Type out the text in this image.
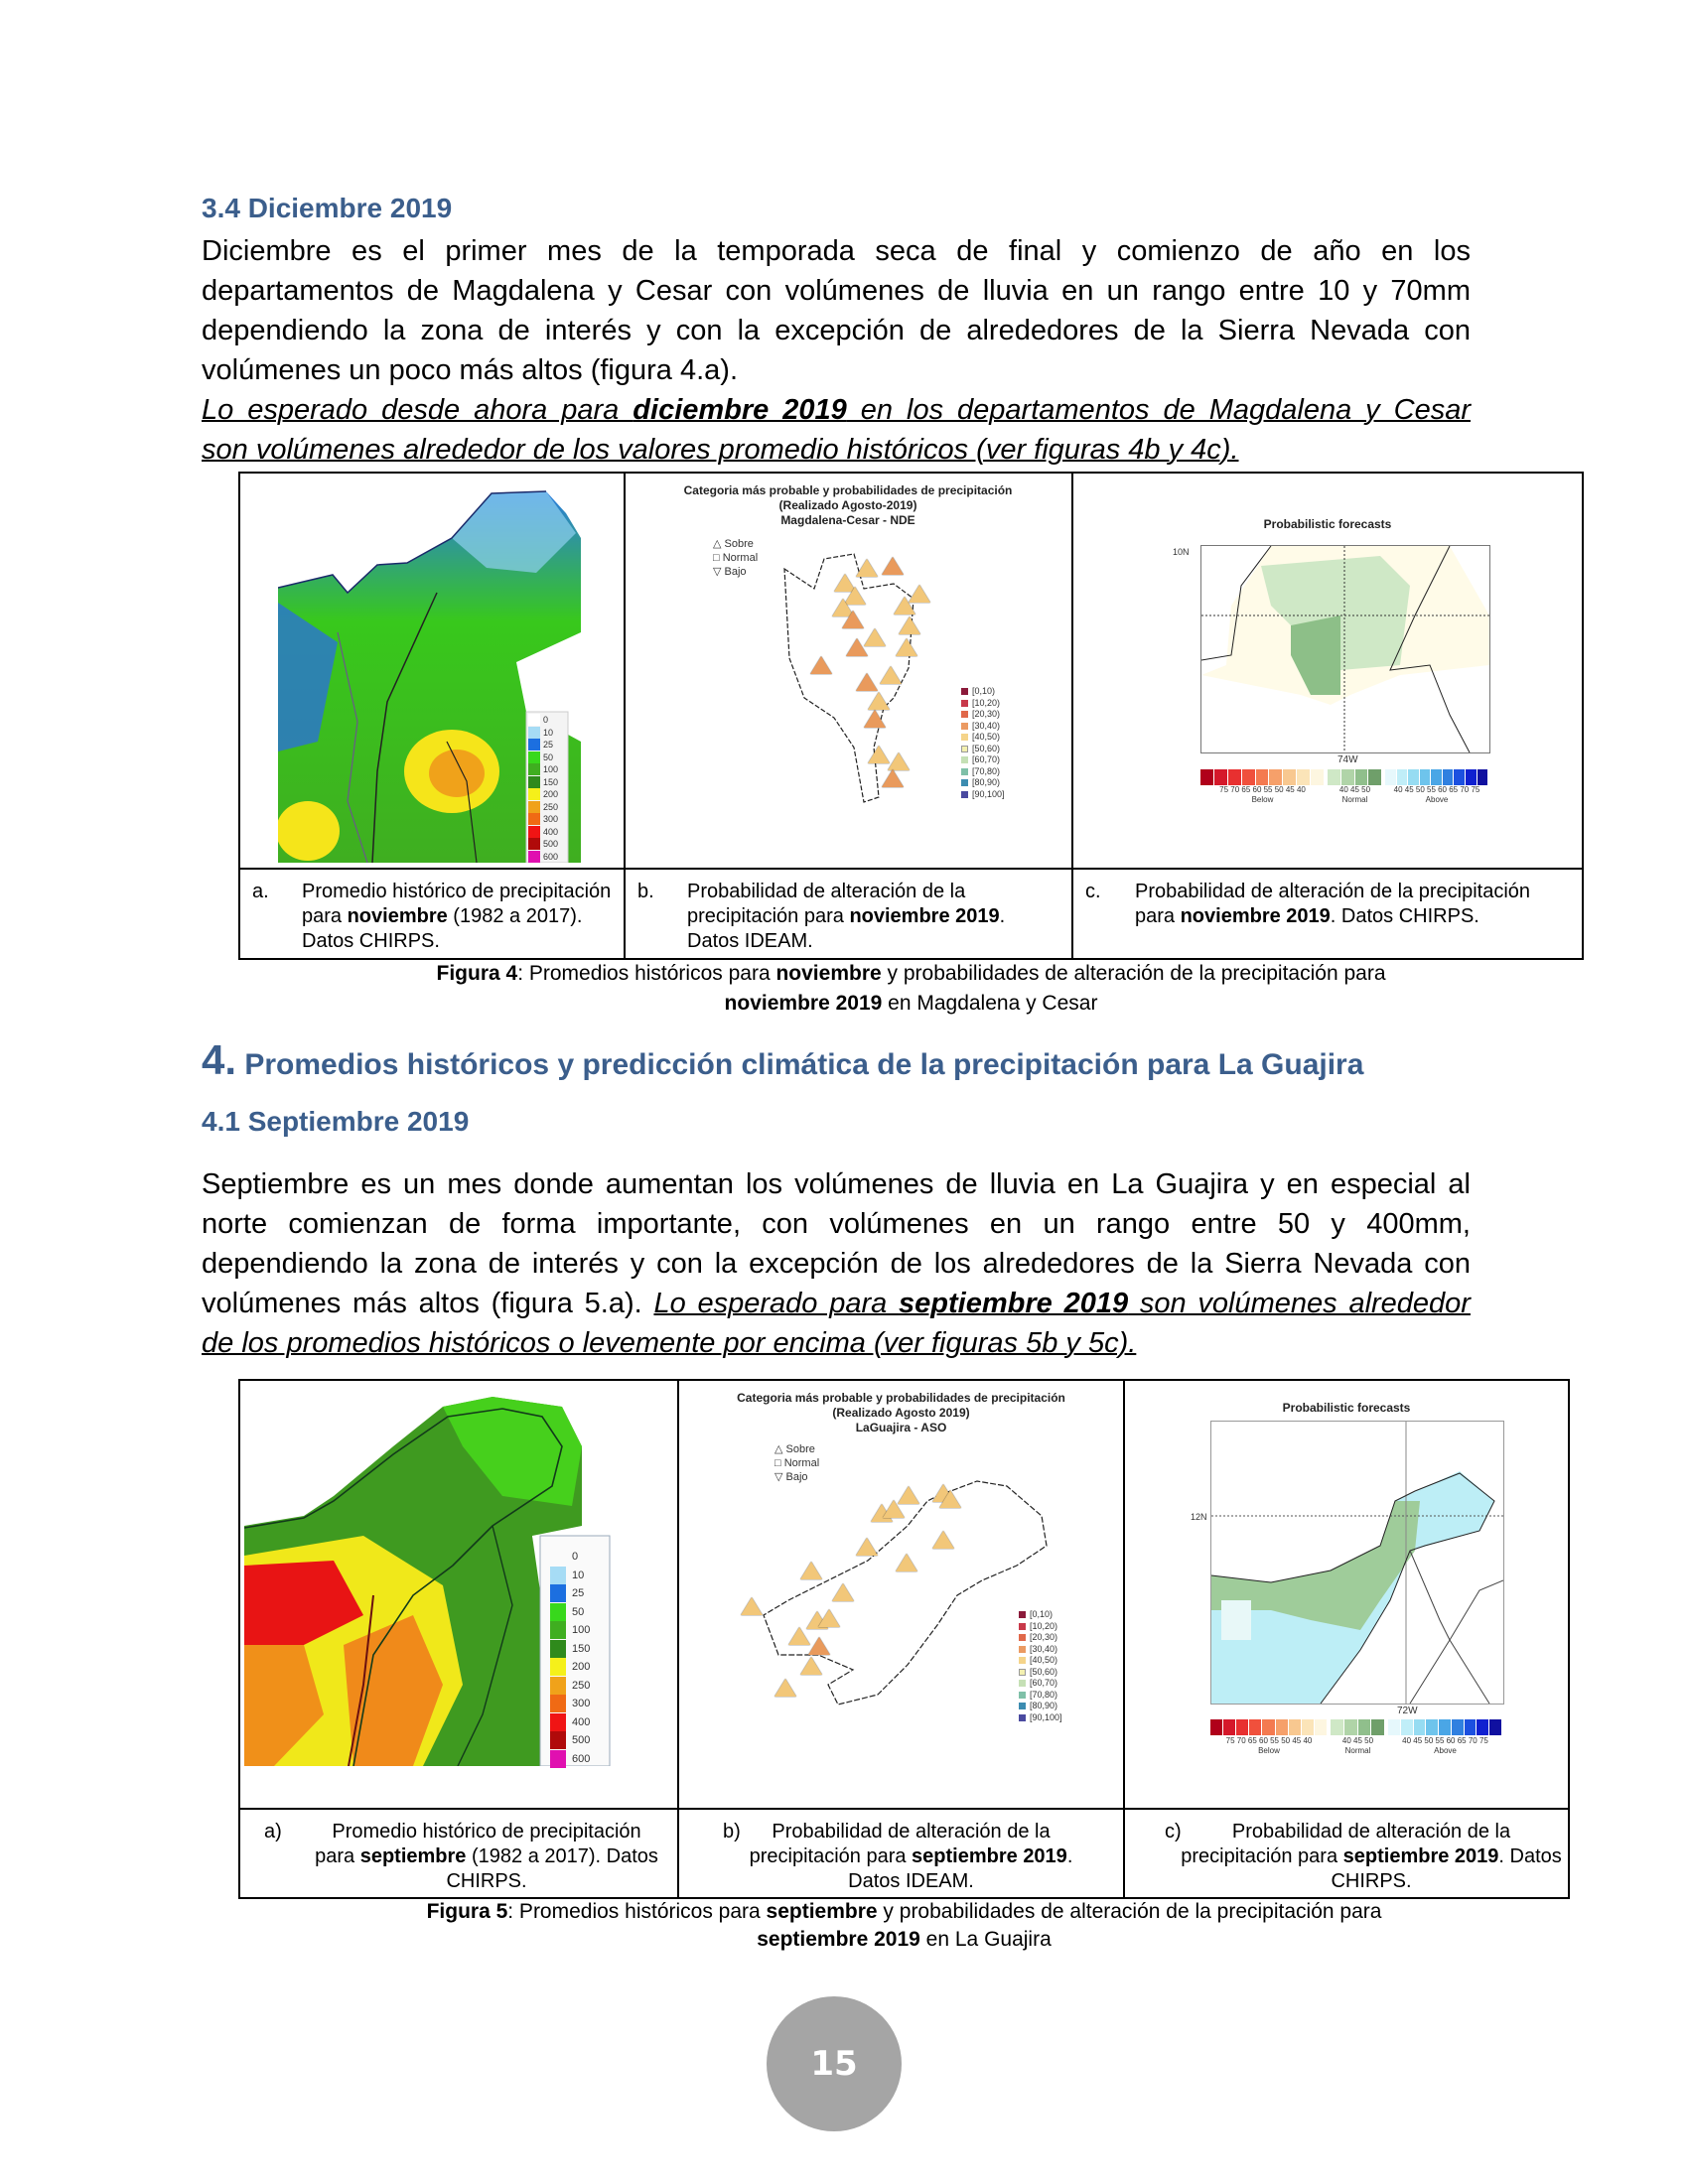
3.4 Diciembre 2019
Diciembre es el primer mes de la temporada seca de final y comienzo de año en los
departamentos de Magdalena y Cesar con volúmenes de lluvia en un rango entre 10 y 70mm
dependiendo la zona de interés y con la excepción de alrededores de la Sierra Nevada con
volúmenes un poco más altos (figura 4.a).
Lo esperado desde ahora para diciembre 2019 en los departamentos de Magdalena y Cesar
son volúmenes alrededor de los valores promedio históricos (ver figuras 4b y 4c).
0
10
25
50
100
150
200
250
300
400
500
600
Categoria más probable y probabilidades de precipitación
(Realizado Agosto-2019)
Magdalena-Cesar - NDE
△ Sobre
□ Normal
▽ Bajo
[0,10)
[10,20)
[20,30)
[30,40)
[40,50)
[50,60)
[60,70)
[70,80)
[80,90)
[90,100]
Probabilistic forecasts
10N
74W
75 70 65 60 55 50 45 40
Below
40 45 50
Normal
40 45 50 55 60 65 70 75
Above
a. Promedio histórico de precipitación para noviembre (1982 a 2017). Datos CHIRPS.
b. Probabilidad de alteración de la precipitación para noviembre 2019. Datos IDEAM.
c. Probabilidad de alteración de la precipitación para noviembre 2019. Datos CHIRPS.
Figura 4: Promedios históricos para noviembre y probabilidades de alteración de la precipitación para
noviembre 2019 en Magdalena y Cesar
4. Promedios históricos y predicción climática de la precipitación para La Guajira
4.1 Septiembre 2019
Septiembre es un mes donde aumentan los volúmenes de lluvia en La Guajira y en especial al
norte comienzan de forma importante, con volúmenes en un rango entre 50 y 400mm,
dependiendo la zona de interés y con la excepción de los alrededores de la Sierra Nevada con
volúmenes más altos (figura 5.a). Lo esperado para septiembre 2019 son volúmenes alrededor
de los promedios históricos o levemente por encima (ver figuras 5b y 5c).
0
10
25
50
100
150
200
250
300
400
500
600
Categoria más probable y probabilidades de precipitación
(Realizado Agosto 2019)
LaGuajira - ASO
△ Sobre
□ Normal
▽ Bajo
[0,10)
[10,20)
[20,30)
[30,40)
[40,50)
[50,60)
[60,70)
[70,80)
[80,90)
[90,100]
Probabilistic forecasts
12N
72W
75 70 65 60 55 50 45 40
Below
40 45 50
Normal
40 45 50 55 60 65 70 75
Above
a)	Promedio histórico de precipitación para septiembre (1982 a 2017). Datos CHIRPS.
b)	Probabilidad de alteración de la precipitación para septiembre 2019. Datos IDEAM.
c)	Probabilidad de alteración de la precipitación para septiembre 2019. Datos CHIRPS.
Figura 5: Promedios históricos para septiembre y probabilidades de alteración de la precipitación para
septiembre 2019 en La Guajira
15
